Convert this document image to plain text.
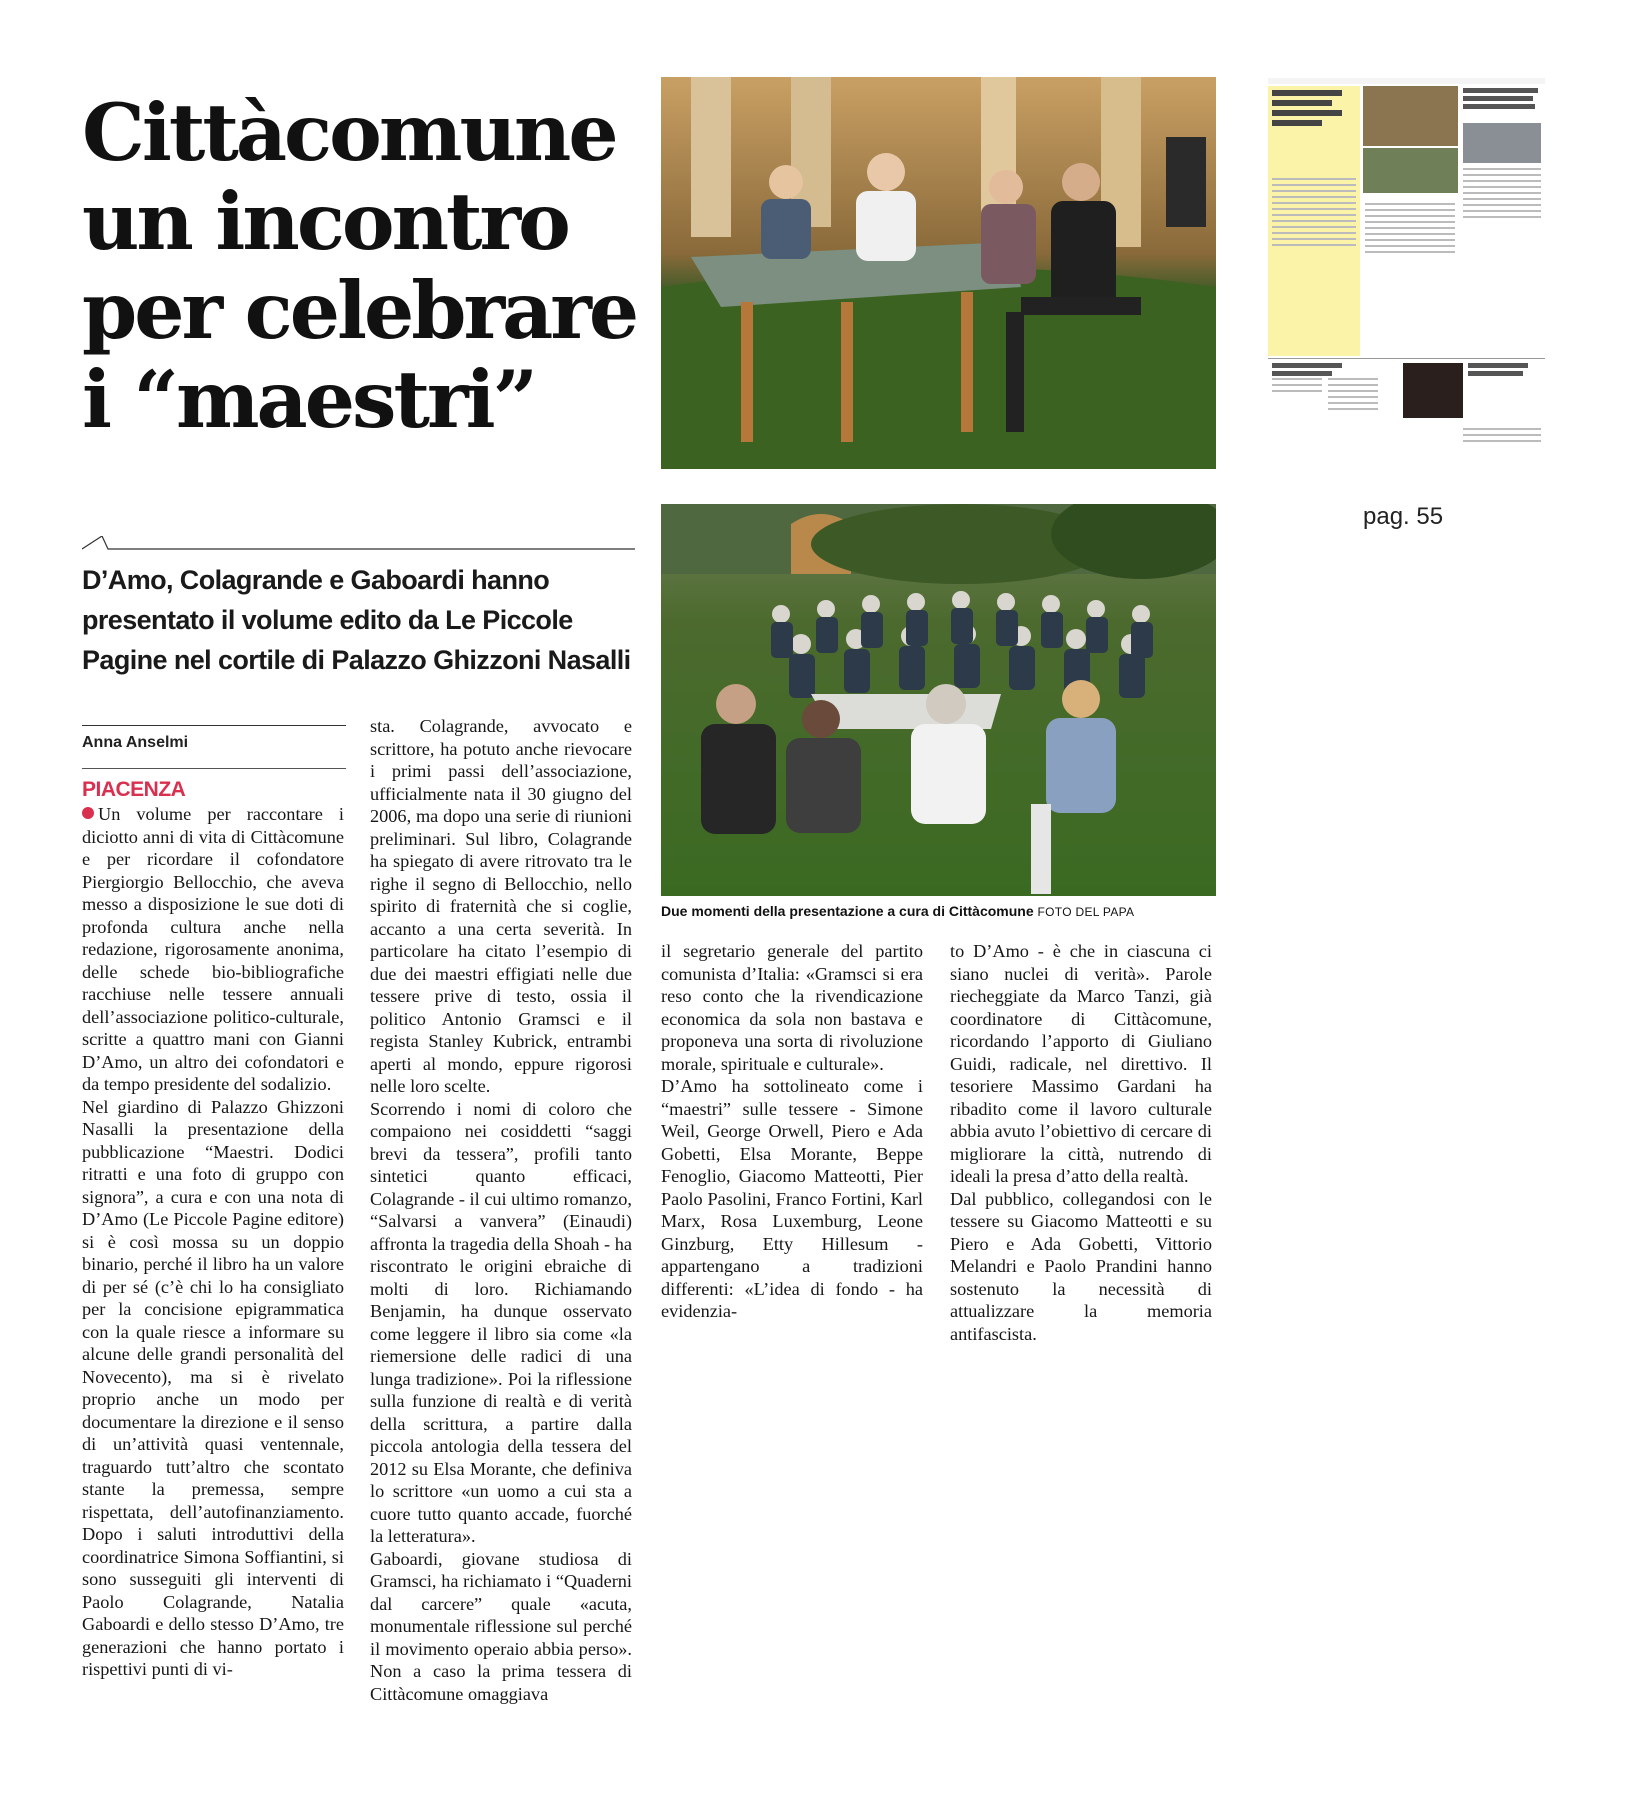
Cittàcomune
un incontro
per celebrare
i “maestri”

D’Amo, Colagrande e Gaboardi hanno presentato il volume edito da Le Piccole Pagine nel cortile di Palazzo Ghizzoni Nasalli

Anna Anselmi
PIACENZA

Un volume per raccontare i diciotto anni di vita di Cittàcomune e per ricordare il cofondatore Piergiorgio Bellocchio, che aveva messo a disposizione le sue doti di profonda cultura anche nella redazione, rigorosamente anonima, delle schede bio-bibliografiche racchiuse nelle tessere annuali dell’associazione politico-culturale, scritte a quattro mani con Gianni D’Amo, un altro dei cofondatori e da tempo presidente del sodalizio.

Nel giardino di Palazzo Ghizzoni Nasalli la presentazione della pubblicazione “Maestri. Dodici ritratti e una foto di gruppo con signora”, a cura e con una nota di D’Amo (Le Piccole Pagine editore) si è così mossa su un doppio binario, perché il libro ha un valore di per sé (c’è chi lo ha consigliato per la concisione epigrammatica con la quale riesce a informare su alcune delle grandi personalità del Novecento), ma si è rivelato proprio anche un modo per documentare la direzione e il senso di un’attività quasi ventennale, traguardo tutt’altro che scontato stante la premessa, sempre rispettata, dell’autofinanziamento. Dopo i saluti introduttivi della coordinatrice Simona Soffiantini, si sono susseguiti gli interventi di Paolo Colagrande, Natalia Gaboardi e dello stesso D’Amo, tre generazioni che hanno portato i rispettivi punti di vi-

sta. Colagrande, avvocato e scrittore, ha potuto anche rievocare i primi passi dell’associazione, ufficialmente nata il 30 giugno del 2006, ma dopo una serie di riunioni preliminari. Sul libro, Colagrande ha spiegato di avere ritrovato tra le righe il segno di Bellocchio, nello spirito di fraternità che si coglie, accanto a una certa severità. In particolare ha citato l’esempio di due dei maestri effigiati nelle due tessere prive di testo, ossia il politico Antonio Gramsci e il regista Stanley Kubrick, entrambi aperti al mondo, eppure rigorosi nelle loro scelte.

Scorrendo i nomi di coloro che compaiono nei cosiddetti “saggi brevi da tessera”, profili tanto sintetici quanto efficaci, Colagrande - il cui ultimo romanzo, “Salvarsi a vanvera” (Einaudi) affronta la tragedia della Shoah - ha riscontrato le origini ebraiche di molti di loro. Richiamando Benjamin, ha dunque osservato come leggere il libro sia come «la riemersione delle radici di una lunga tradizione». Poi la riflessione sulla funzione di realtà e di verità della scrittura, a partire dalla piccola antologia della tessera del 2012 su Elsa Morante, che definiva lo scrittore «un uomo a cui sta a cuore tutto quanto accade, fuorché la letteratura».

Gaboardi, giovane studiosa di Gramsci, ha richiamato i “Quaderni dal carcere” quale «acuta, monumentale riflessione sul perché il movimento operaio abbia perso». Non a caso la prima tessera di Cittàcomune omaggiava

il segretario generale del partito comunista d’Italia: «Gramsci si era reso conto che la rivendicazione economica da sola non bastava e proponeva una sorta di rivoluzione morale, spirituale e culturale».

D’Amo ha sottolineato come i “maestri” sulle tessere - Simone Weil, George Orwell, Piero e Ada Gobetti, Elsa Morante, Beppe Fenoglio, Giacomo Matteotti, Pier Paolo Pasolini, Franco Fortini, Karl Marx, Rosa Luxemburg, Leone Ginzburg, Etty Hillesum - appartengano a tradizioni differenti: «L’idea di fondo - ha evidenzia-

to D’Amo - è che in ciascuna ci siano nuclei di verità». Parole riecheggiate da Marco Tanzi, già coordinatore di Cittàcomune, ricordando l’apporto di Giuliano Guidi, radicale, nel direttivo. Il tesoriere Massimo Gardani ha ribadito come il lavoro culturale abbia avuto l’obiettivo di cercare di migliorare la città, nutrendo di ideali la presa d’atto della realtà.

Dal pubblico, collegandosi con le tessere su Giacomo Matteotti e su Piero e Ada Gobetti, Vittorio Melandri e Paolo Prandini hanno sostenuto la necessità di attualizzare la memoria antifascista.

Due momenti della presentazione a cura di Cittàcomune FOTO DEL PAPA
pag. 55
